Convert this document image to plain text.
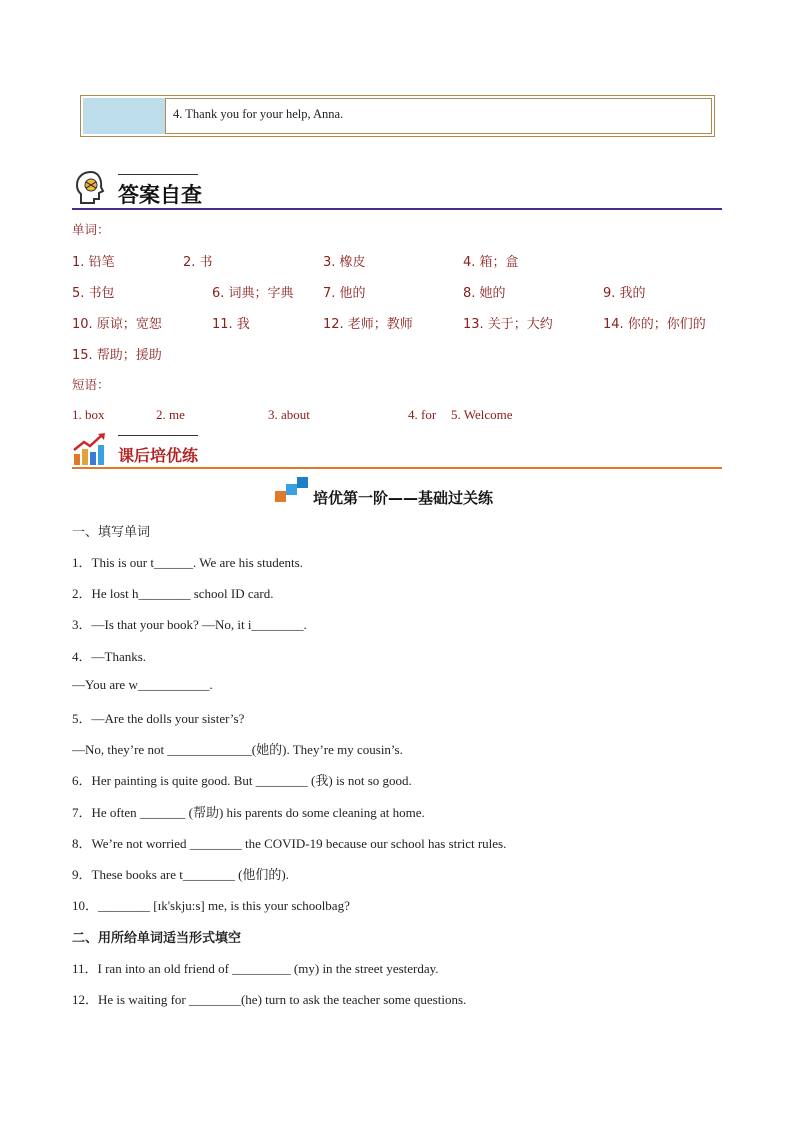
4. Thank you for your help, Anna.
答案自查
单词：
1. 铅笔	2. 书	3. 橡皮	4. 箱；盒
5. 书包	6. 词典；字典 7. 他的	8. 她的	9. 我的
10. 原谅；宽恕	11. 我	12. 老师；教师	13. 关于；大约	14. 你的；你们的
15. 帮助；援助
短语：
1. box	2. me	3. about	4. for 5. Welcome
课后培优练
培优第一阶——基础过关练
一、填写单词
1．This is our t______. We are his students.
2．He lost h________ school ID card.
3．—Is that your book? —No, it i________.
4．—Thanks.
—You are w___________.
5．—Are the dolls your sister’s?
—No, they’re not _____________(她的). They’re my cousin’s.
6．Her painting is quite good. But ________ (我) is not so good.
7．He often _______ (帮助) his parents do some cleaning at home.
8．We’re not worried ________ the COVID-19 because our school has strict rules.
9．These books are t________ (他们的).
10．________ [ɪk'skju:s] me, is this your schoolbag?
二、用所给单词适当形式填空
11．I ran into an old friend of _________ (my) in the street yesterday.
12．He is waiting for ________(he) turn to ask the teacher some questions.
